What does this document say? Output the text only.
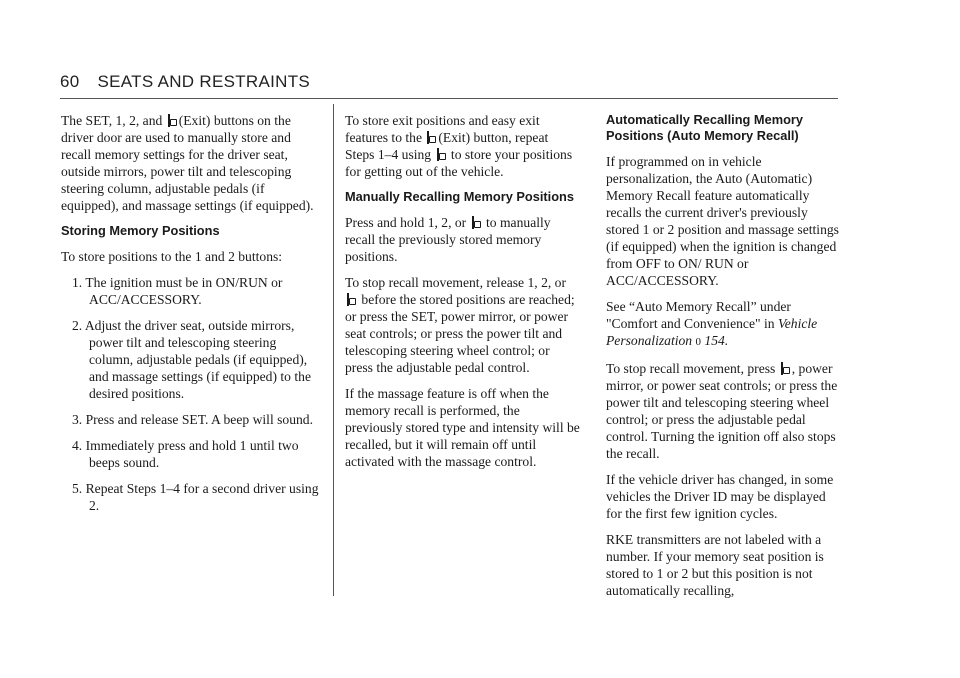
60 SEATS AND RESTRAINTS

The SET, 1, 2, and (Exit) buttons on the driver door are used to manually store and recall memory settings for the driver seat, outside mirrors, power tilt and telescoping steering column, adjustable pedals (if equipped), and massage settings (if equipped).

Storing Memory Positions

To store positions to the 1 and 2 buttons:

1. The ignition must be in ON/RUN or ACC/ACCESSORY.
2. Adjust the driver seat, outside mirrors, power tilt and telescoping steering column, adjustable pedals (if equipped), and massage settings (if equipped) to the desired positions.
3. Press and release SET. A beep will sound.
4. Immediately press and hold 1 until two beeps sound.
5. Repeat Steps 1–4 for a second driver using 2.

To store exit positions and easy exit features to the (Exit) button, repeat Steps 1–4 using to store your positions for getting out of the vehicle.

Manually Recalling Memory Positions

Press and hold 1, 2, or to manually recall the previously stored memory positions.

To stop recall movement, release 1, 2, or  before the stored positions are reached; or press the SET, power mirror, or power seat controls; or press the power tilt and telescoping steering wheel control; or press the adjustable pedal control.

If the massage feature is off when the memory recall is performed, the previously stored type and intensity will be recalled, but it will remain off until activated with the massage control.

Automatically Recalling Memory Positions (Auto Memory Recall)

If programmed on in vehicle personalization, the Auto (Automatic) Memory Recall feature automatically recalls the current driver's previously stored 1 or 2 position and massage settings (if equipped) when the ignition is changed from OFF to ON/ RUN or ACC/ACCESSORY.

See “Auto Memory Recall” under "Comfort and Convenience" in Vehicle Personalization 0 154.

To stop recall movement, press , power mirror, or power seat controls; or press the power tilt and telescoping steering wheel control; or press the adjustable pedal control. Turning the ignition off also stops the recall.

If the vehicle driver has changed, in some vehicles the Driver ID may be displayed for the first few ignition cycles.

RKE transmitters are not labeled with a number. If your memory seat position is stored to 1 or 2 but this position is not automatically recalling,
